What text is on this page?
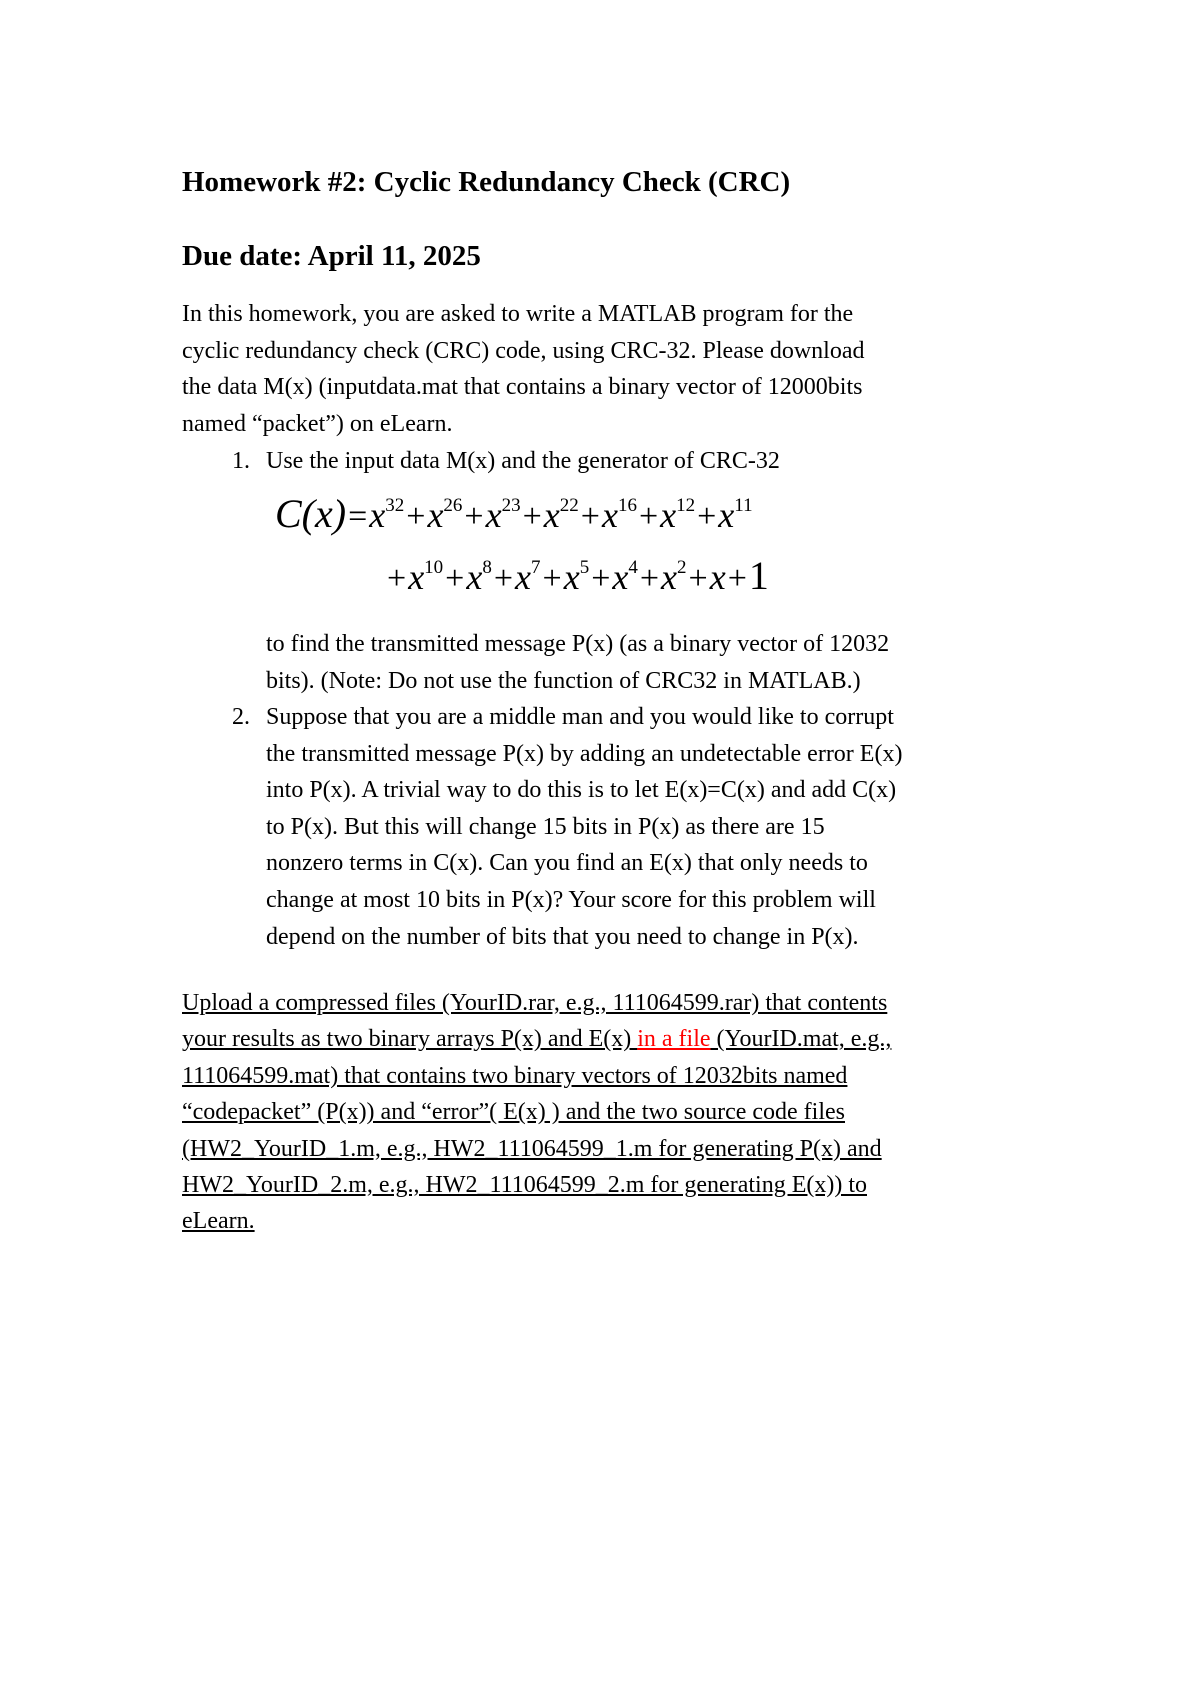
Homework #2: Cyclic Redundancy Check (CRC)
Due date: April 11, 2025
In this homework, you are asked to write a MATLAB program for the
cyclic redundancy check (CRC) code, using CRC-32. Please download
the data M(x) (inputdata.mat that contains a binary vector of 12000bits
named “packet”) on eLearn.
1. Use the input data M(x) and the generator of CRC-32
$C(x)=x^{32}+x^{26}+x^{23}+x^{22}+x^{16}+x^{12}+x^{11}$
$+x^{10}+x^8+x^7+x^5+x^4+x^2+x+1$
to find the transmitted message P(x) (as a binary vector of 12032
bits). (Note: Do not use the function of CRC32 in MATLAB.)
2. Suppose that you are a middle man and you would like to corrupt
the transmitted message P(x) by adding an undetectable error E(x)
into P(x). A trivial way to do this is to let E(x)=C(x) and add C(x)
to P(x). But this will change 15 bits in P(x) as there are 15
nonzero terms in C(x). Can you find an E(x) that only needs to
change at most 10 bits in P(x)? Your score for this problem will
depend on the number of bits that you need to change in P(x).
Upload a compressed files (YourID.rar, e.g., 111064599.rar) that contents
your results as two binary arrays P(x) and E(x) in a file (YourID.mat, e.g.,
111064599.mat) that contains two binary vectors of 12032bits named
“codepacket” (P(x)) and “error”( E(x) ) and the two source code files
(HW2_YourID_1.m, e.g., HW2_111064599_1.m for generating P(x) and
HW2_YourID_2.m, e.g., HW2_111064599_2.m for generating E(x)) to
eLearn.
